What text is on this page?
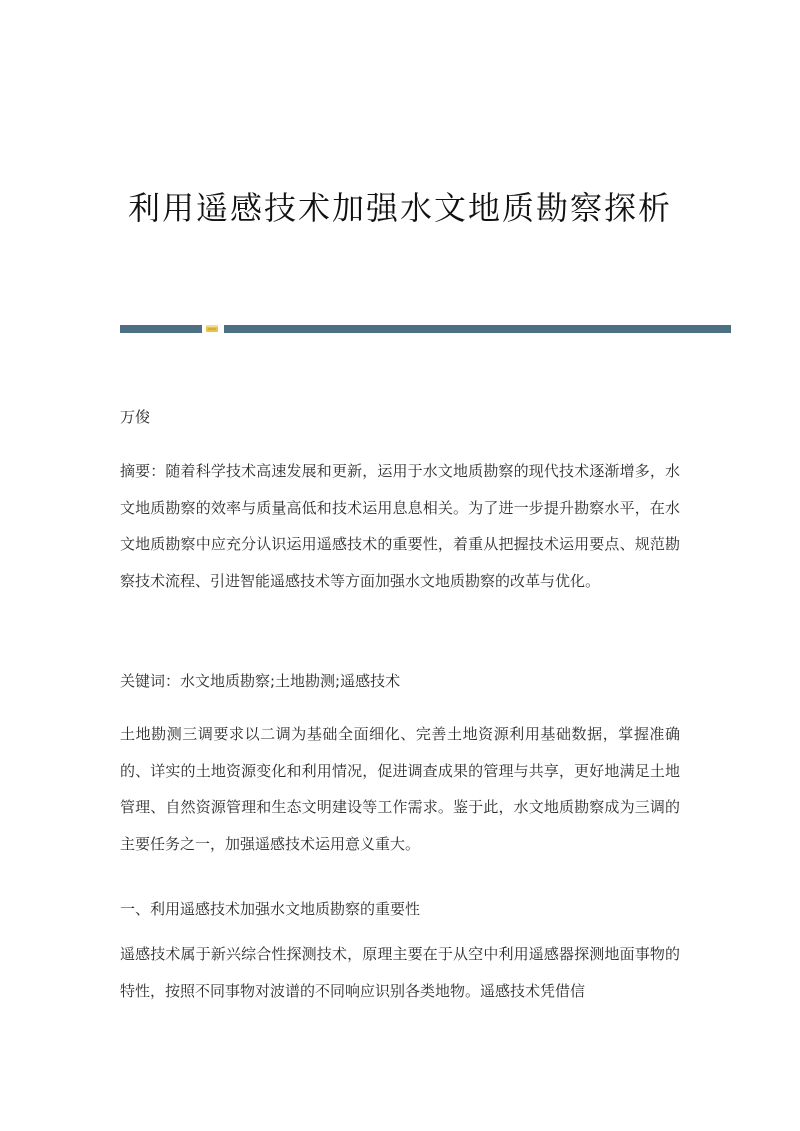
利用遥感技术加强水文地质勘察探析

万俊

摘要：随着科学技术高速发展和更新，运用于水文地质勘察的现代技术逐渐增多，水文地质勘察的效率与质量高低和技术运用息息相关。为了进一步提升勘察水平，在水文地质勘察中应充分认识运用遥感技术的重要性，着重从把握技术运用要点、规范勘察技术流程、引进智能遥感技术等方面加强水文地质勘察的改革与优化。

关键词：水文地质勘察;土地勘测;遥感技术

土地勘测三调要求以二调为基础全面细化、完善土地资源利用基础数据，掌握准确的、详实的土地资源变化和利用情况，促进调查成果的管理与共享，更好地满足土地管理、自然资源管理和生态文明建设等工作需求。鉴于此，水文地质勘察成为三调的主要任务之一，加强遥感技术运用意义重大。

一、利用遥感技术加强水文地质勘察的重要性

遥感技术属于新兴综合性探测技术，原理主要在于从空中利用遥感器探测地面事物的特性，按照不同事物对波谱的不同响应识别各类地物。遥感技术凭借信
